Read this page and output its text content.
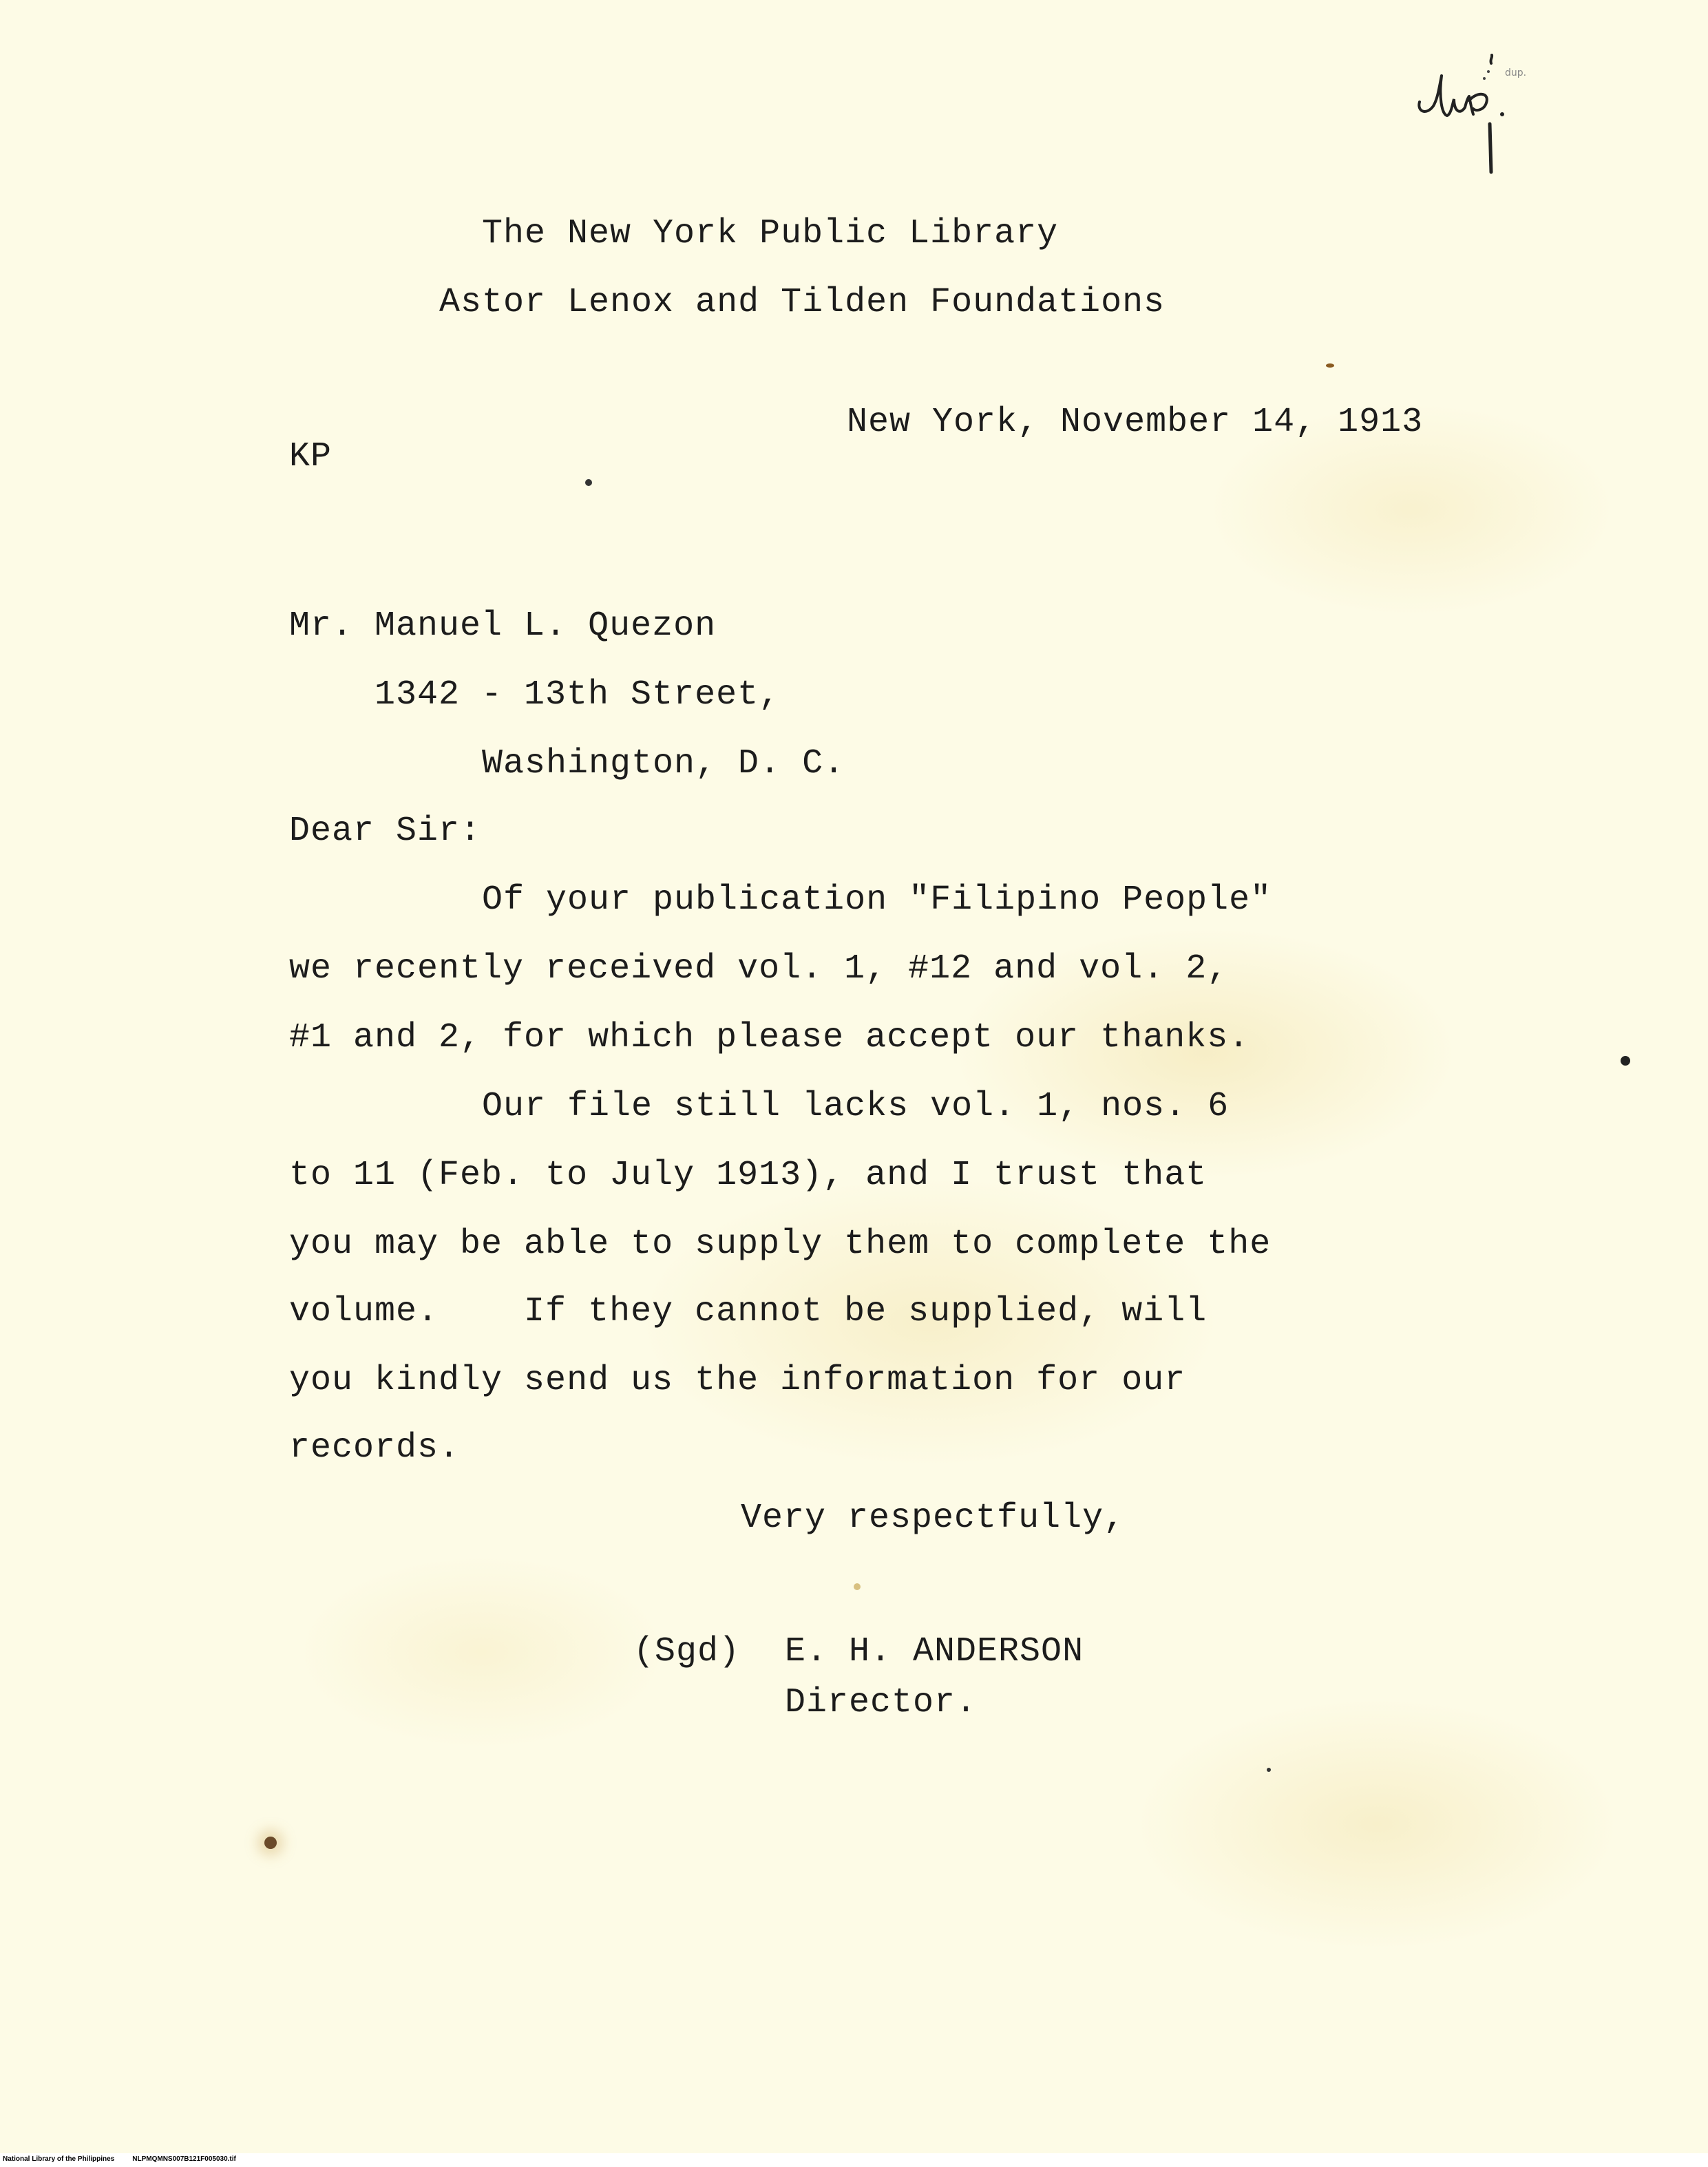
dup.
The New York Public Library
Astor Lenox and Tilden Foundations
New York, November 14, 1913
KP
Mr. Manuel L. Quezon
1342 - 13th Street,
Washington, D. C.
Dear Sir:
Of your publication "Filipino People"
we recently received vol. 1, #12 and vol. 2,
#1 and 2, for which please accept our thanks.
Our file still lacks vol. 1, nos. 6
to 11 (Feb. to July 1913), and I trust that
you may be able to supply them to complete the
volume.    If they cannot be supplied, will
you kindly send us the information for our
records.
Very respectfully,
(Sgd) E. H. ANDERSON
Director.
National Library of the Philippines	NLPMQMNS007B121F005030.tif
